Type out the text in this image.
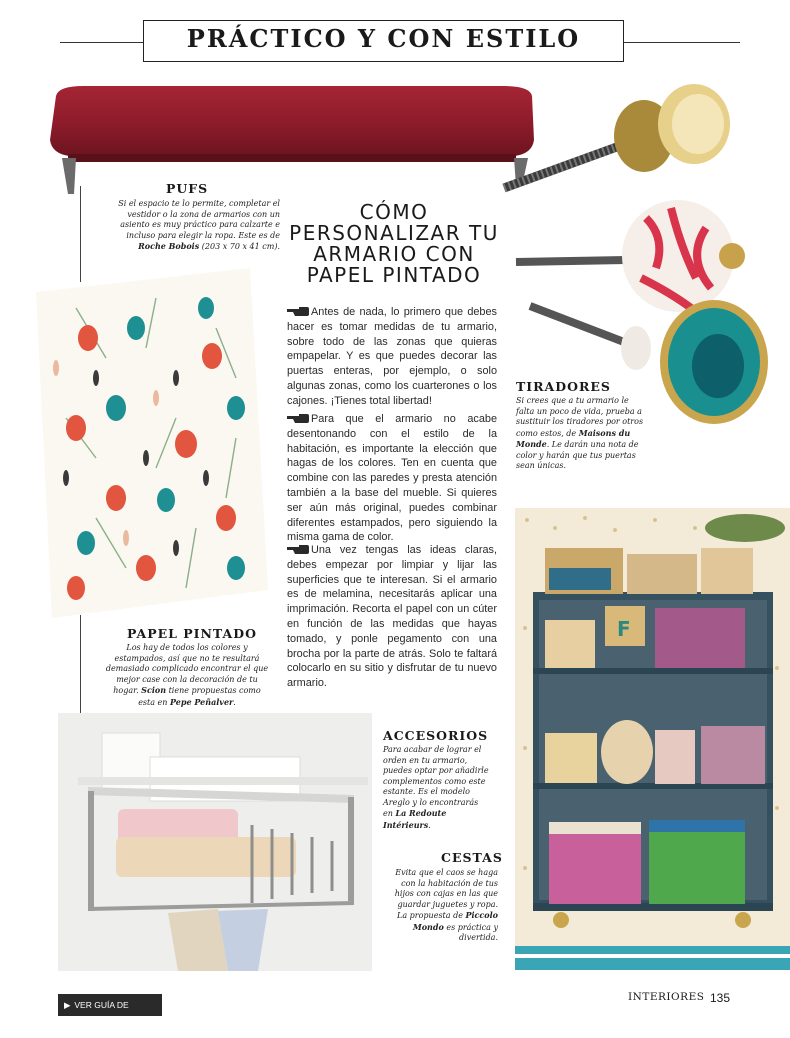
PRÁCTICO Y CON ESTILO
PUFS
Si el espacio te lo permite, completar el vestidor o la zona de armarios con un asiento es muy práctico para calzarte e incluso para elegir la ropa. Este es de Roche Bobois (203 x 70 x 41 cm).
CÓMO
PERSONALIZAR TU
ARMARIO CON
PAPEL PINTADO

Antes de nada, lo primero que debes hacer es tomar medidas de tu armario, sobre todo de las zonas que quieras empapelar. Y es que puedes decorar las puertas enteras, por ejemplo, o solo algunas zonas, como los cuarterones o los cajones. ¡Tienes total libertad!

Para que el armario no acabe desentonando con el estilo de la habitación, es importante la elección que hagas de los colores. Ten en cuenta que combine con las paredes y presta atención también a la base del mueble. Si quieres ser aún más original, puedes combinar diferentes estampados, pero siguiendo la misma gama de color.

Una vez tengas las ideas claras, debes empezar por limpiar y lijar las superficies que te interesan. Si el armario es de melamina, necesitarás aplicar una imprimación. Recorta el papel con un cúter en función de las medidas que hayas tomado, y ponle pegamento con una brocha por la parte de atrás. Solo te faltará colocarlo en su sitio y disfrutar de tu nuevo armario.

PAPEL PINTADO
Los hay de todos los colores y estampados, así que no te resultará demasiado complicado encontrar el que mejor case con la decoración de tu hogar. Scion tiene propuestas como esta en Pepe Peñalver.
TIRADORES
Si crees que a tu armario le falta un poco de vida, prueba a sustituir los tiradores por otros como estos, de Maisons du Monde. Le darán una nota de color y harán que tus puertas sean únicas.
F
ACCESORIOS
Para acabar de lograr el orden en tu armario, puedes optar por añadirle complementos como este estante. Es el modelo Areglo y lo encontrarás en La Redoute Intérieurs.
CESTAS
Evita que el caos se haga con la habitación de tus hijos con cajas en las que guardar juguetes y ropa. La propuesta de Piccolo Mondo es práctica y divertida.
▶ VER GUÍA DE TIENDAS
INTERIORES 135
